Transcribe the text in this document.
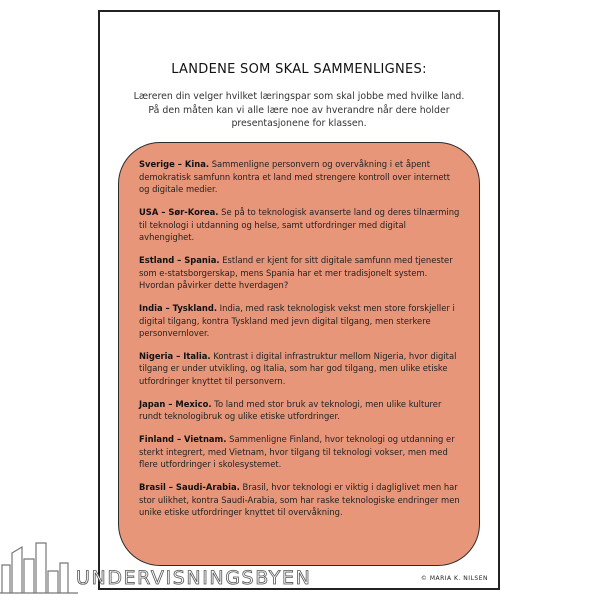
LANDENE SOM SKAL SAMMENLIGNES:
Læreren din velger hvilket læringspar som skal jobbe med hvilke land. På den måten kan vi alle lære noe av hverandre når dere holder presentasjonene for klassen.

Sverige – Kina. Sammenligne personvern og overvåkning i et åpent demokratisk samfunn kontra et land med strengere kontroll over internett og digitale medier.

USA – Sør-Korea. Se på to teknologisk avanserte land og deres tilnærming til teknologi i utdanning og helse, samt utfordringer med digital avhengighet.

Estland – Spania. Estland er kjent for sitt digitale samfunn med tjenester som e-statsborgerskap, mens Spania har et mer tradisjonelt system. Hvordan påvirker dette hverdagen?

India – Tyskland. India, med rask teknologisk vekst men store forskjeller i digital tilgang, kontra Tyskland med jevn digital tilgang, men sterkere personvernlover.

Nigeria – Italia. Kontrast i digital infrastruktur mellom Nigeria, hvor digital tilgang er under utvikling, og Italia, som har god tilgang, men ulike etiske utfordringer knyttet til personvern.

Japan – Mexico. To land med stor bruk av teknologi, men ulike kulturer rundt teknologibruk og ulike etiske utfordringer.

Finland – Vietnam. Sammenligne Finland, hvor teknologi og utdanning er sterkt integrert, med Vietnam, hvor tilgang til teknologi vokser, men med flere utfordringer i skolesystemet.

Brasil – Saudi-Arabia. Brasil, hvor teknologi er viktig i dagliglivet men har stor ulikhet, kontra Saudi-Arabia, som har raske teknologiske endringer men unike etiske utfordringer knyttet til overvåkning.

© MARIA K. NILSEN
UNDERVISNINGSBYEN
